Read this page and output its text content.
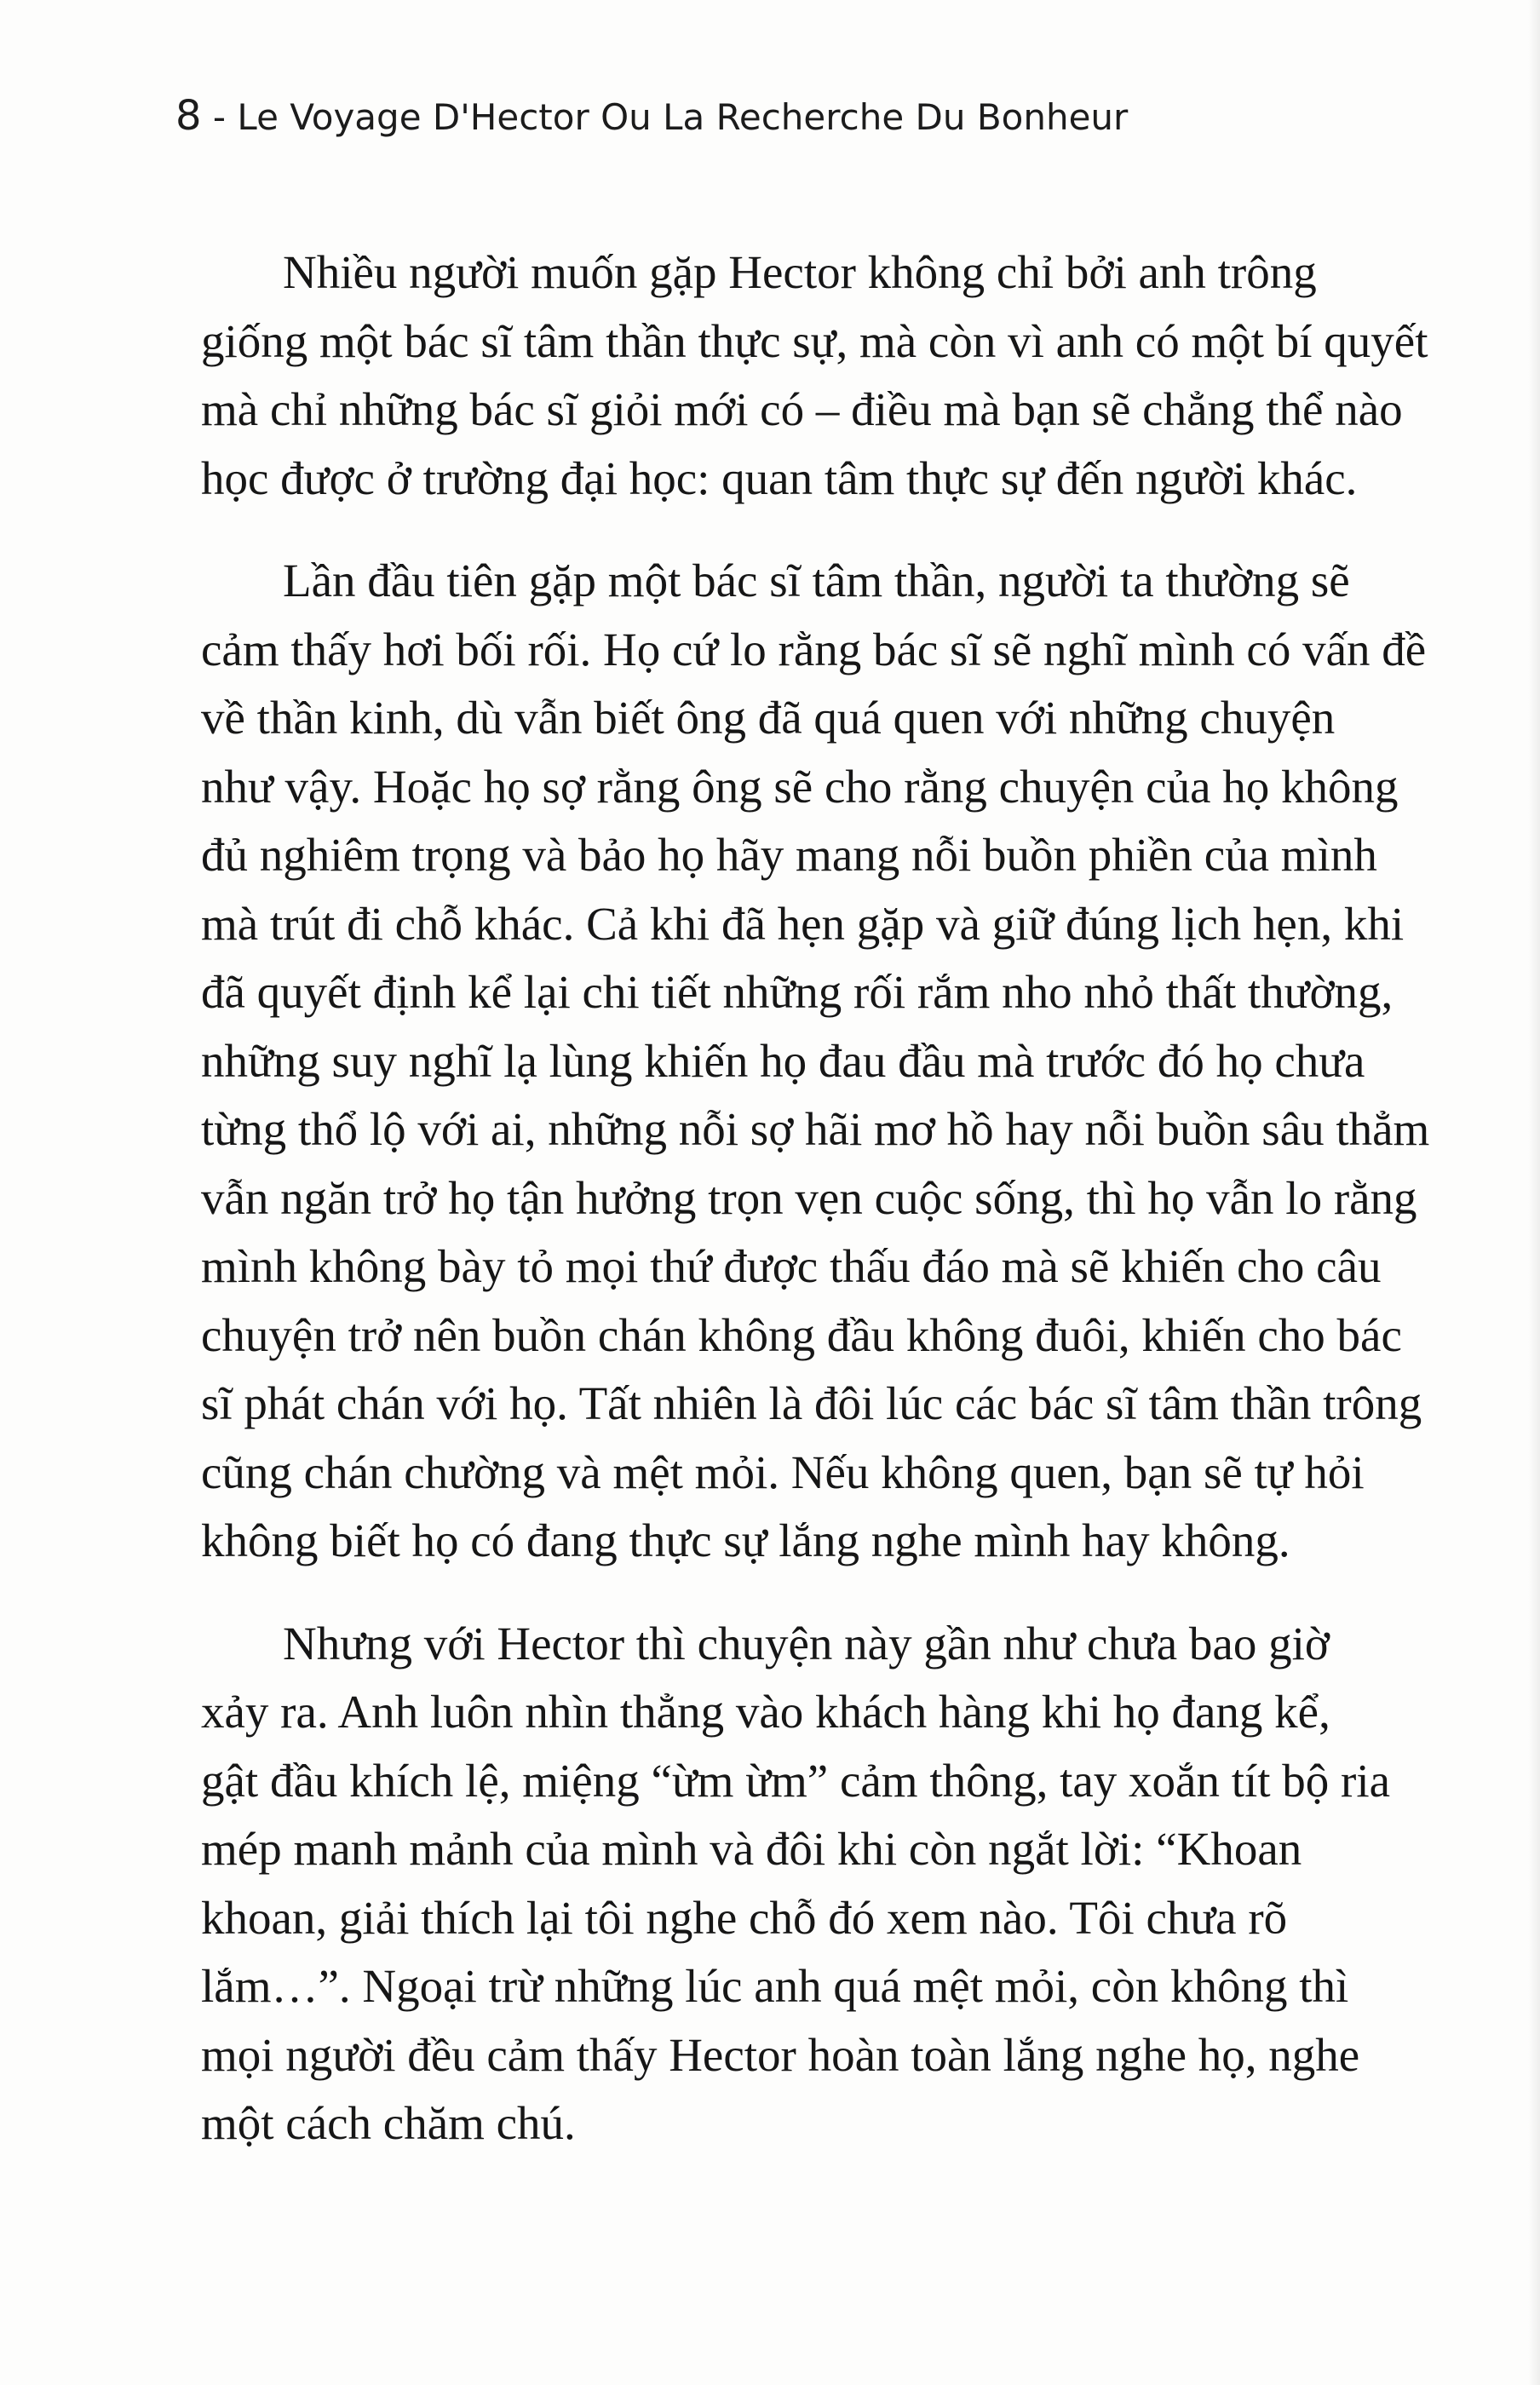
8 - Le Voyage D'Hector Ou La Recherche Du Bonheur
Nhiều người muốn gặp Hector không chỉ bởi anh trông
giống một bác sĩ tâm thần thực sự, mà còn vì anh có một bí quyết
mà chỉ những bác sĩ giỏi mới có – điều mà bạn sẽ chẳng thể nào
học được ở trường đại học: quan tâm thực sự đến người khác.
Lần đầu tiên gặp một bác sĩ tâm thần, người ta thường sẽ
cảm thấy hơi bối rối. Họ cứ lo rằng bác sĩ sẽ nghĩ mình có vấn đề
về thần kinh, dù vẫn biết ông đã quá quen với những chuyện
như vậy. Hoặc họ sợ rằng ông sẽ cho rằng chuyện của họ không
đủ nghiêm trọng và bảo họ hãy mang nỗi buồn phiền của mình
mà trút đi chỗ khác. Cả khi đã hẹn gặp và giữ đúng lịch hẹn, khi
đã quyết định kể lại chi tiết những rối rắm nho nhỏ thất thường,
những suy nghĩ lạ lùng khiến họ đau đầu mà trước đó họ chưa
từng thổ lộ với ai, những nỗi sợ hãi mơ hồ hay nỗi buồn sâu thẳm
vẫn ngăn trở họ tận hưởng trọn vẹn cuộc sống, thì họ vẫn lo rằng
mình không bày tỏ mọi thứ được thấu đáo mà sẽ khiến cho câu
chuyện trở nên buồn chán không đầu không đuôi, khiến cho bác
sĩ phát chán với họ. Tất nhiên là đôi lúc các bác sĩ tâm thần trông
cũng chán chường và mệt mỏi. Nếu không quen, bạn sẽ tự hỏi
không biết họ có đang thực sự lắng nghe mình hay không.
Nhưng với Hector thì chuyện này gần như chưa bao giờ
xảy ra. Anh luôn nhìn thẳng vào khách hàng khi họ đang kể,
gật đầu khích lệ, miệng “ừm ừm” cảm thông, tay xoắn tít bộ ria
mép manh mảnh của mình và đôi khi còn ngắt lời: “Khoan
khoan, giải thích lại tôi nghe chỗ đó xem nào. Tôi chưa rõ
lắm…”. Ngoại trừ những lúc anh quá mệt mỏi, còn không thì
mọi người đều cảm thấy Hector hoàn toàn lắng nghe họ, nghe
một cách chăm chú.
